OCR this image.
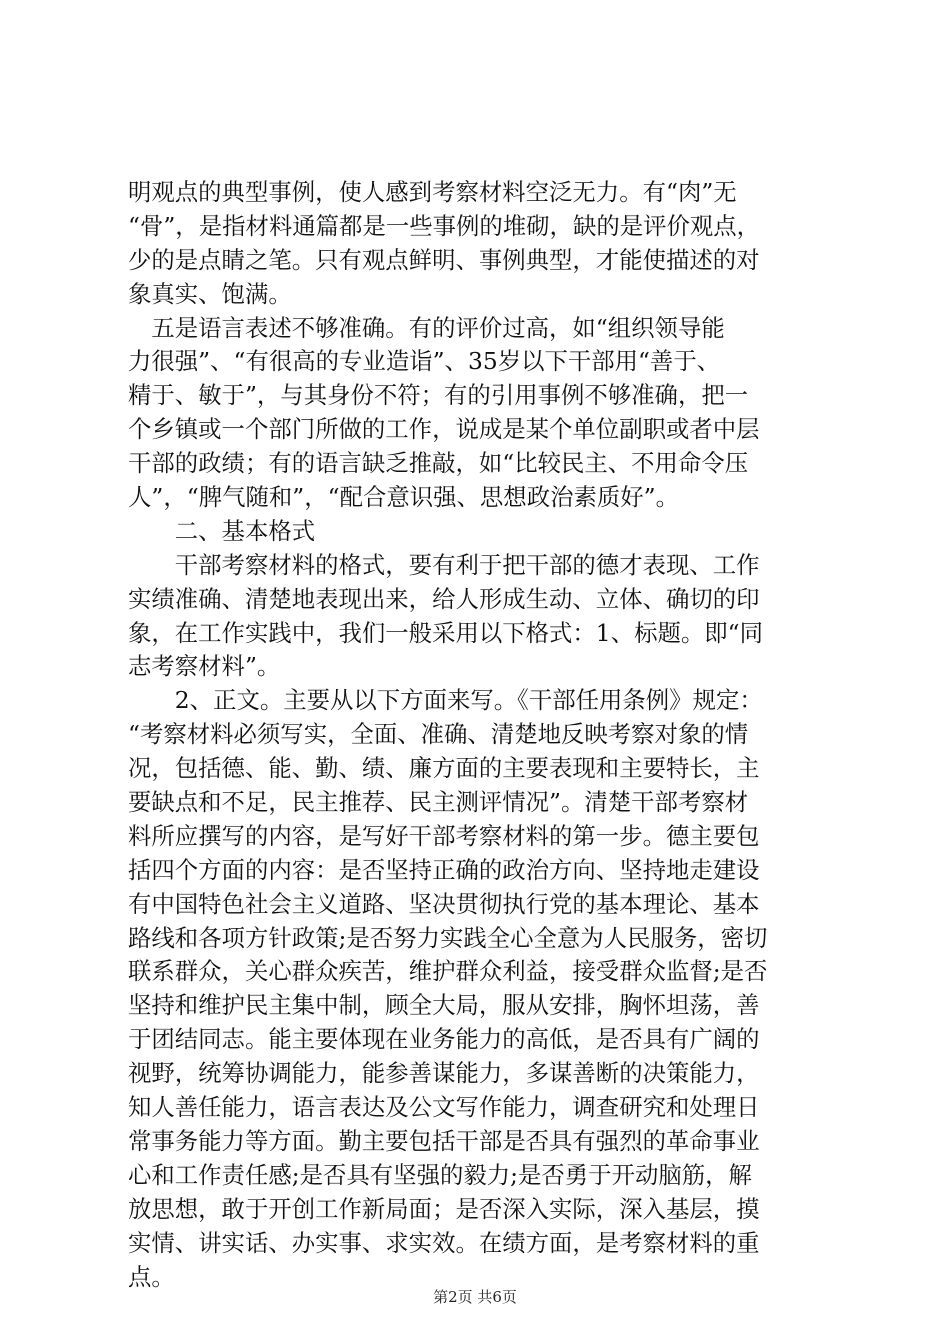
明观点的典型事例，使人感到考察材料空泛无力。有“肉”无
“骨”，是指材料通篇都是一些事例的堆砌，缺的是评价观点，
少的是点睛之笔。只有观点鲜明、事例典型，才能使描述的对
象真实、饱满。
　五是语言表述不够准确。有的评价过高，如“组织领导能
力很强”、“有很高的专业造诣”、35岁以下干部用“善于、
精于、敏于”，与其身份不符；有的引用事例不够准确，把一
个乡镇或一个部门所做的工作，说成是某个单位副职或者中层
干部的政绩；有的语言缺乏推敲，如“比较民主、不用命令压
人”，“脾气随和”，“配合意识强、思想政治素质好”。
　　二、基本格式
　　干部考察材料的格式，要有利于把干部的德才表现、工作
实绩准确、清楚地表现出来，给人形成生动、立体、确切的印
象，在工作实践中，我们一般采用以下格式：1、标题。即“同
志考察材料”。
　　2、正文。主要从以下方面来写。《干部任用条例》规定：
“考察材料必须写实，全面、准确、清楚地反映考察对象的情
况，包括德、能、勤、绩、廉方面的主要表现和主要特长，主
要缺点和不足，民主推荐、民主测评情况”。清楚干部考察材
料所应撰写的内容，是写好干部考察材料的第一步。德主要包
括四个方面的内容：是否坚持正确的政治方向、坚持地走建设
有中国特色社会主义道路、坚决贯彻执行党的基本理论、基本
路线和各项方针政策;是否努力实践全心全意为人民服务，密切
联系群众，关心群众疾苦，维护群众利益，接受群众监督;是否
坚持和维护民主集中制，顾全大局，服从安排，胸怀坦荡，善
于团结同志。能主要体现在业务能力的高低，是否具有广阔的
视野，统筹协调能力，能参善谋能力，多谋善断的决策能力，
知人善任能力，语言表达及公文写作能力，调查研究和处理日
常事务能力等方面。勤主要包括干部是否具有强烈的革命事业
心和工作责任感;是否具有坚强的毅力;是否勇于开动脑筋，解
放思想，敢于开创工作新局面；是否深入实际，深入基层，摸
实情、讲实话、办实事、求实效。在绩方面，是考察材料的重
点。
第2页 共6页
